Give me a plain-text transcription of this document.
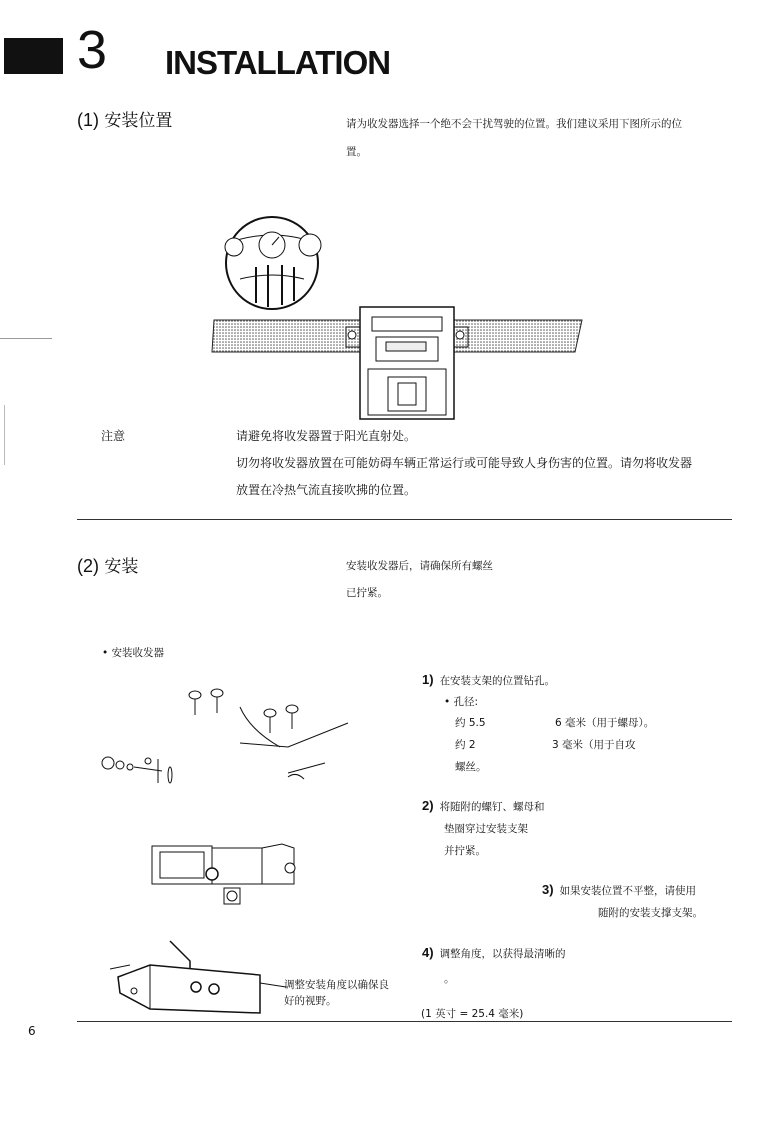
3 INSTALLATION
(1) 安装位置	请为收发器选择一个绝不会干扰驾驶的位置。我们建议采用下图所示的位
置。
注意	请避免将收发器置于阳光直射处。
切勿将收发器放置在可能妨碍车辆正常运行或可能导致人身伤害的位置。请勿将收发器
放置在冷热气流直接吹拂的位置。
(2) 安装	安装收发器后，请确保所有螺丝
已拧紧。
• 安装收发器
调整安装角度以确保良
好的视野。
1) 在安装支架的位置钻孔。
• 孔径:
约 5.5	6 毫米（用于螺母）。
约 2	3 毫米（用于自攻
螺丝。
2) 将随附的螺钉、螺母和
垫圈穿过安装支架
并拧紧。
3) 如果安装位置不平整，请使用
随附的安装支撑支架。
4) 调整角度，以获得最清晰的
。
(1 英寸 = 25.4 毫米)
6
